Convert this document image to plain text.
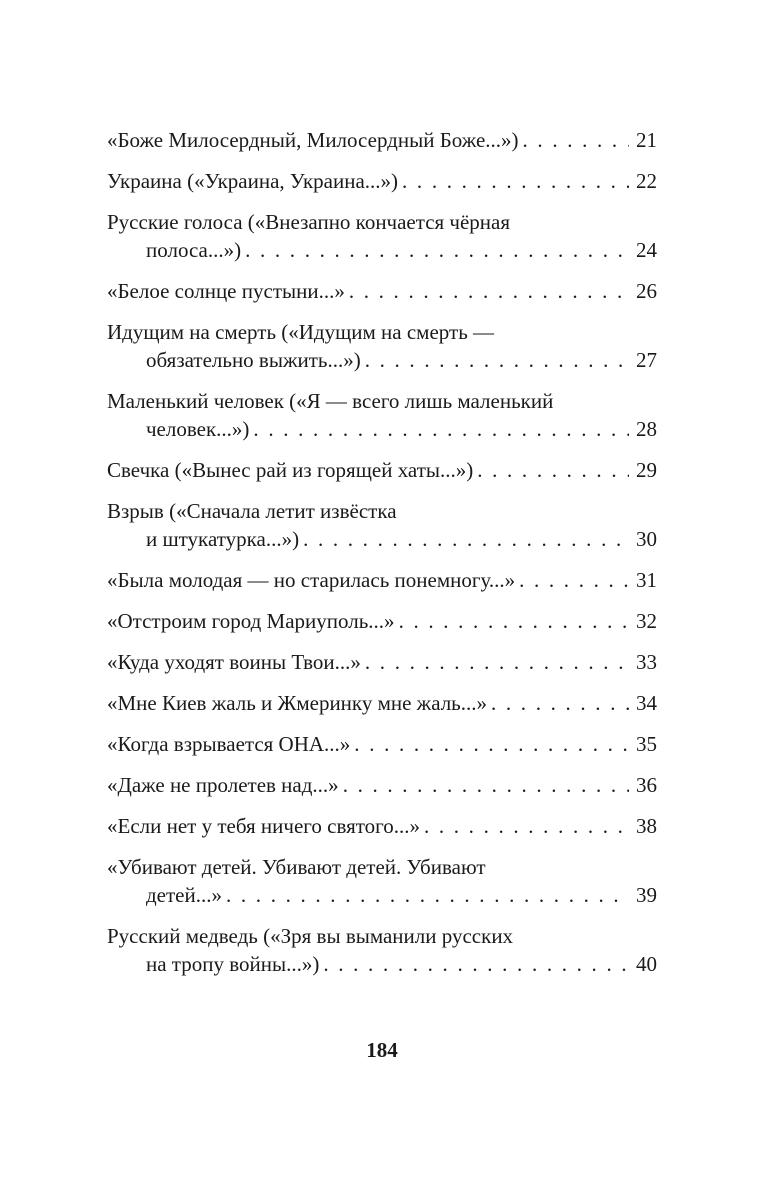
«Боже Милосердный, Милосердный Боже...») . . .	21
Украина («Украина, Украина...») . . .	22
Русские голоса («Внезапно кончается чёрная
полоса...») . . .	24
«Белое солнце пустыни...» . . .	26
Идущим на смерть («Идущим на смерть —
обязательно выжить...») . . .	27
Маленький человек («Я — всего лишь маленький
человек...») . . .	28
Свечка («Вынес рай из горящей хаты...») . . .	29
Взрыв («Сначала летит извёстка
и штукатурка...») . . .	30
«Была молодая — но старилась понемногу...» . . .	31
«Отстроим город Мариуполь...» . . .	32
«Куда уходят воины Твои...» . . .	33
«Мне Киев жаль и Жмеринку мне жаль...» . . .	34
«Когда взрывается ОНА...» . . .	35
«Даже не пролетев над...» . . .	36
«Если нет у тебя ничего святого...» . . .	38
«Убивают детей. Убивают детей. Убивают
детей...» . . .	39
Русский медведь («Зря вы выманили русских
на тропу войны...») . . .	40
184
